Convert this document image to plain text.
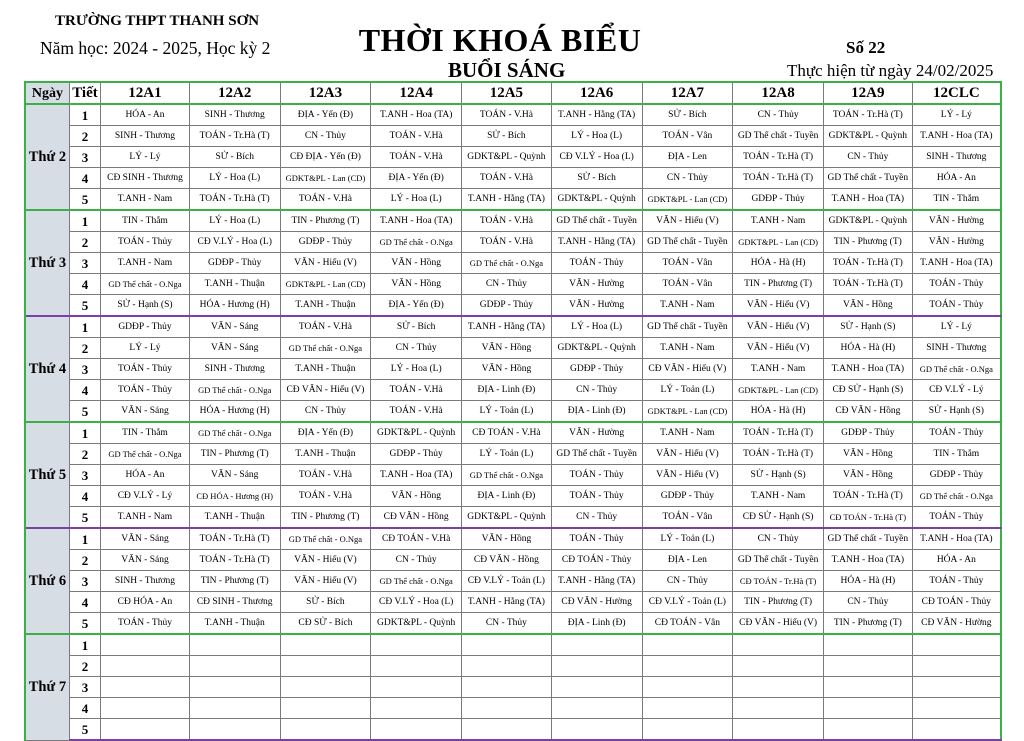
TRƯỜNG THPT THANH SƠN
Năm học: 2024 - 2025, Học kỳ 2	THỜI KHOÁ BIỂU
BUỔI SÁNG
Số 22
Thực hiện từ ngày 24/02/2025
Ngày	Tiết	12A1	12A2	12A3	12A4	12A5	12A6	12A7	12A8	12A9	12CLC
Thứ 2	1	HÓA - An	SINH - Thương	ĐỊA - Yến (Đ)	T.ANH - Hoa (TA)	TOÁN - V.Hà	T.ANH - Hằng (TA)	SỬ - Bích	CN - Thủy	TOÁN - Tr.Hà (T)	LÝ - Lý
	2	SINH - Thương	TOÁN - Tr.Hà (T)	CN - Thủy	TOÁN - V.Hà	SỬ - Bích	LÝ - Hoa (L)	TOÁN - Vân	GD Thể chất - Tuyền	GDKT&PL - Quỳnh	T.ANH - Hoa (TA)
	3	LÝ - Lý	SỬ - Bích	CĐ ĐỊA - Yến (Đ)	TOÁN - V.Hà	GDKT&PL - Quỳnh	CĐ V.LÝ - Hoa (L)	ĐỊA - Len	TOÁN - Tr.Hà (T)	CN - Thủy	SINH - Thương
	4	CĐ SINH - Thương	LÝ - Hoa (L)	GDKT&PL - Lan (CD)	ĐỊA - Yến (Đ)	TOÁN - V.Hà	SỬ - Bích	CN - Thủy	TOÁN - Tr.Hà (T)	GD Thể chất - Tuyền	HÓA - An
	5	T.ANH - Nam	TOÁN - Tr.Hà (T)	TOÁN - V.Hà	LÝ - Hoa (L)	T.ANH - Hằng (TA)	GDKT&PL - Quỳnh	GDKT&PL - Lan (CD)	GDĐP - Thủy	T.ANH - Hoa (TA)	TIN - Thắm
Thứ 3	1	TIN - Thắm	LÝ - Hoa (L)	TIN - Phương (T)	T.ANH - Hoa (TA)	TOÁN - V.Hà	GD Thể chất - Tuyền	VĂN - Hiếu (V)	T.ANH - Nam	GDKT&PL - Quỳnh	VĂN - Hường
	2	TOÁN - Thủy	CĐ V.LÝ - Hoa (L)	GDĐP - Thủy	GD Thể chất - O.Nga	TOÁN - V.Hà	T.ANH - Hằng (TA)	GD Thể chất - Tuyền	GDKT&PL - Lan (CD)	TIN - Phương (T)	VĂN - Hường
	3	T.ANH - Nam	GDĐP - Thủy	VĂN - Hiếu (V)	VĂN - Hồng	GD Thể chất - O.Nga	TOÁN - Thủy	TOÁN - Vân	HÓA - Hà (H)	TOÁN - Tr.Hà (T)	T.ANH - Hoa (TA)
	4	GD Thể chất - O.Nga	T.ANH - Thuận	GDKT&PL - Lan (CD)	VĂN - Hồng	CN - Thủy	VĂN - Hường	TOÁN - Vân	TIN - Phương (T)	TOÁN - Tr.Hà (T)	TOÁN - Thủy
	5	SỬ - Hạnh (S)	HÓA - Hương (H)	T.ANH - Thuận	ĐỊA - Yến (Đ)	GDĐP - Thủy	VĂN - Hường	T.ANH - Nam	VĂN - Hiếu (V)	VĂN - Hồng	TOÁN - Thủy
Thứ 4	1	GDĐP - Thủy	VĂN - Sáng	TOÁN - V.Hà	SỬ - Bích	T.ANH - Hằng (TA)	LÝ - Hoa (L)	GD Thể chất - Tuyền	VĂN - Hiếu (V)	SỬ - Hạnh (S)	LÝ - Lý
	2	LÝ - Lý	VĂN - Sáng	GD Thể chất - O.Nga	CN - Thủy	VĂN - Hồng	GDKT&PL - Quỳnh	T.ANH - Nam	VĂN - Hiếu (V)	HÓA - Hà (H)	SINH - Thương
	3	TOÁN - Thủy	SINH - Thương	T.ANH - Thuận	LÝ - Hoa (L)	VĂN - Hồng	GDĐP - Thủy	CĐ VĂN - Hiếu (V)	T.ANH - Nam	T.ANH - Hoa (TA)	GD Thể chất - O.Nga
	4	TOÁN - Thủy	GD Thể chất - O.Nga	CĐ VĂN - Hiếu (V)	TOÁN - V.Hà	ĐỊA - Linh (Đ)	CN - Thủy	LÝ - Toản (L)	GDKT&PL - Lan (CD)	CĐ SỬ - Hạnh (S)	CĐ V.LÝ - Lý
	5	VĂN - Sáng	HÓA - Hương (H)	CN - Thủy	TOÁN - V.Hà	LÝ - Toản (L)	ĐỊA - Linh (Đ)	GDKT&PL - Lan (CD)	HÓA - Hà (H)	CĐ VĂN - Hồng	SỬ - Hạnh (S)
Thứ 5	1	TIN - Thắm	GD Thể chất - O.Nga	ĐỊA - Yến (Đ)	GDKT&PL - Quỳnh	CĐ TOÁN - V.Hà	VĂN - Hường	T.ANH - Nam	TOÁN - Tr.Hà (T)	GDĐP - Thủy	TOÁN - Thủy
	2	GD Thể chất - O.Nga	TIN - Phương (T)	T.ANH - Thuận	GDĐP - Thủy	LÝ - Toản (L)	GD Thể chất - Tuyền	VĂN - Hiếu (V)	TOÁN - Tr.Hà (T)	VĂN - Hồng	TIN - Thắm
	3	HÓA - An	VĂN - Sáng	TOÁN - V.Hà	T.ANH - Hoa (TA)	GD Thể chất - O.Nga	TOÁN - Thủy	VĂN - Hiếu (V)	SỬ - Hạnh (S)	VĂN - Hồng	GDĐP - Thủy
	4	CĐ V.LÝ - Lý	CĐ HÓA - Hương (H)	TOÁN - V.Hà	VĂN - Hồng	ĐỊA - Linh (Đ)	TOÁN - Thủy	GDĐP - Thủy	T.ANH - Nam	TOÁN - Tr.Hà (T)	GD Thể chất - O.Nga
	5	T.ANH - Nam	T.ANH - Thuận	TIN - Phương (T)	CĐ VĂN - Hồng	GDKT&PL - Quỳnh	CN - Thủy	TOÁN - Vân	CĐ SỬ - Hạnh (S)	CĐ TOÁN - Tr.Hà (T)	TOÁN - Thủy
Thứ 6	1	VĂN - Sáng	TOÁN - Tr.Hà (T)	GD Thể chất - O.Nga	CĐ TOÁN - V.Hà	VĂN - Hồng	TOÁN - Thủy	LÝ - Toản (L)	CN - Thủy	GD Thể chất - Tuyền	T.ANH - Hoa (TA)
	2	VĂN - Sáng	TOÁN - Tr.Hà (T)	VĂN - Hiếu (V)	CN - Thủy	CĐ VĂN - Hồng	CĐ TOÁN - Thủy	ĐỊA - Len	GD Thể chất - Tuyền	T.ANH - Hoa (TA)	HÓA - An
	3	SINH - Thương	TIN - Phương (T)	VĂN - Hiếu (V)	GD Thể chất - O.Nga	CĐ V.LÝ - Toản (L)	T.ANH - Hằng (TA)	CN - Thủy	CĐ TOÁN - Tr.Hà (T)	HÓA - Hà (H)	TOÁN - Thủy
	4	CĐ HÓA - An	CĐ SINH - Thương	SỬ - Bích	CĐ V.LÝ - Hoa (L)	T.ANH - Hằng (TA)	CĐ VĂN - Hường	CĐ V.LÝ - Toản (L)	TIN - Phương (T)	CN - Thủy	CĐ TOÁN - Thủy
	5	TOÁN - Thủy	T.ANH - Thuận	CĐ SỬ - Bích	GDKT&PL - Quỳnh	CN - Thủy	ĐỊA - Linh (Đ)	CĐ TOÁN - Vân	CĐ VĂN - Hiếu (V)	TIN - Phương (T)	CĐ VĂN - Hường
Thứ 7	1										
	2										
	3										
	4										
	5										
